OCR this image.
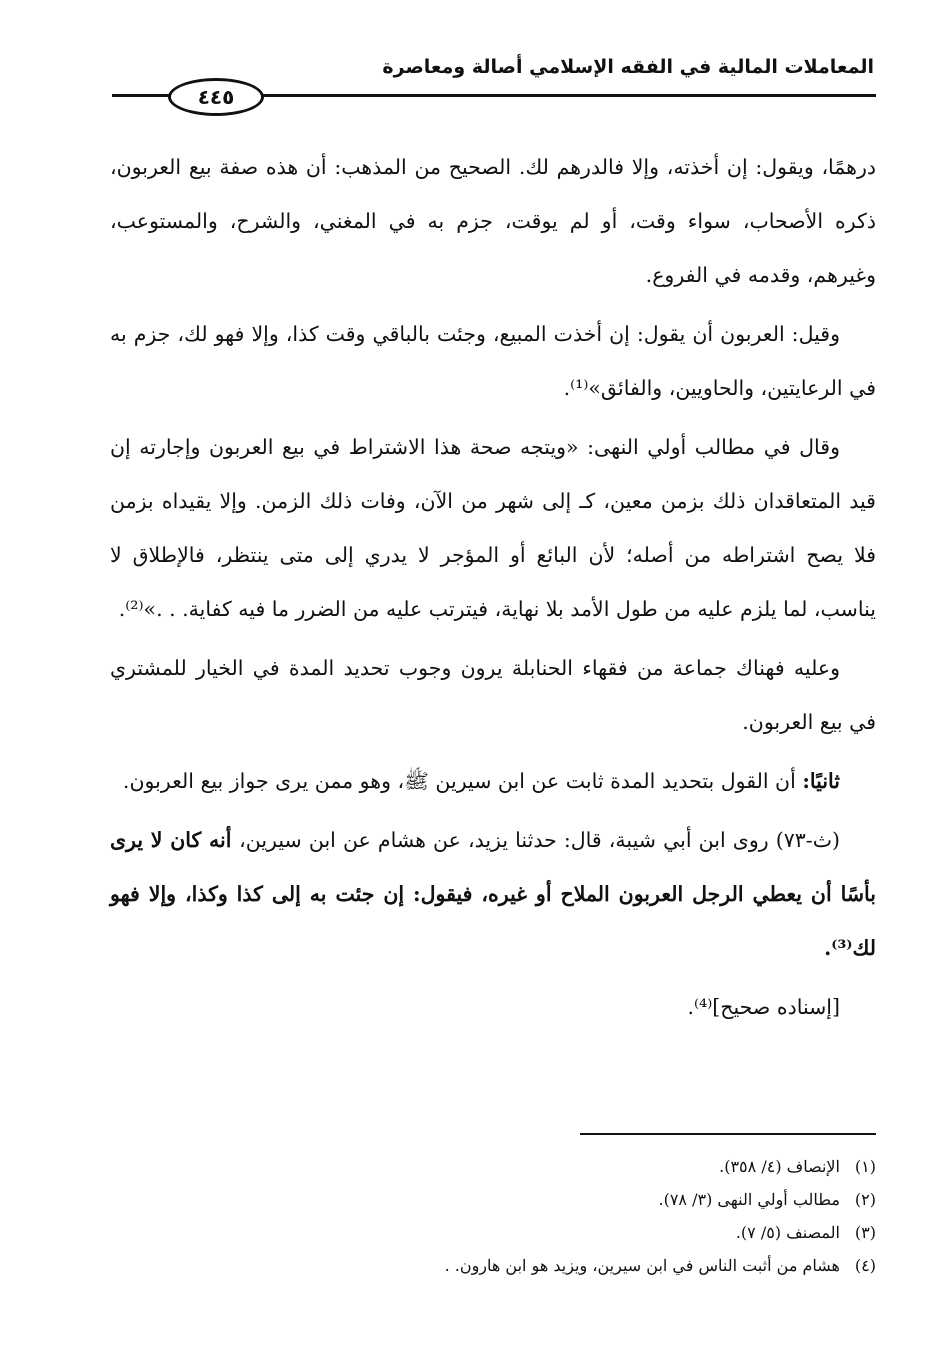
المعاملات المالية في الفقه الإسلامي أصالة ومعاصرة
٤٤٥

درهمًا، ويقول: إن أخذته، وإلا فالدرهم لك. الصحيح من المذهب: أن هذه صفة بيع العربون، ذكره الأصحاب، سواء وقت، أو لم يوقت، جزم به في المغني، والشرح، والمستوعب، وغيرهم، وقدمه في الفروع.

وقيل: العربون أن يقول: إن أخذت المبيع، وجئت بالباقي وقت كذا، وإلا فهو لك، جزم به في الرعايتين، والحاويين، والفائق»⁽¹⁾.

وقال في مطالب أولي النهى: «ويتجه صحة هذا الاشتراط في بيع العربون وإجارته إن قيد المتعاقدان ذلك بزمن معين، كـ إلى شهر من الآن، وفات ذلك الزمن. وإلا يقيداه بزمن فلا يصح اشتراطه من أصله؛ لأن البائع أو المؤجر لا يدري إلى متى ينتظر، فالإطلاق لا يناسب، لما يلزم عليه من طول الأمد بلا نهاية، فيترتب عليه من الضرر ما فيه كفاية. . .»⁽²⁾.

وعليه فهناك جماعة من فقهاء الحنابلة يرون وجوب تحديد المدة في الخيار للمشتري في بيع العربون.

ثانيًا: أن القول بتحديد المدة ثابت عن ابن سيرين ﷺ، وهو ممن يرى جواز بيع العربون.

(ث-٧٣) روى ابن أبي شيبة، قال: حدثنا يزيد، عن هشام عن ابن سيرين، أنه كان لا يرى بأسًا أن يعطي الرجل العربون الملاح أو غيره، فيقول: إن جئت به إلى كذا وكذا، وإلا فهو لك⁽³⁾.

[إسناده صحيح]⁽⁴⁾.

(١)الإنصاف (٤/ ٣٥٨).

(٢)مطالب أولي النهى (٣/ ٧٨).

(٣)المصنف (٥/ ٧).

(٤)هشام من أثبت الناس في ابن سيرين، ويزيد هو ابن هارون. .
